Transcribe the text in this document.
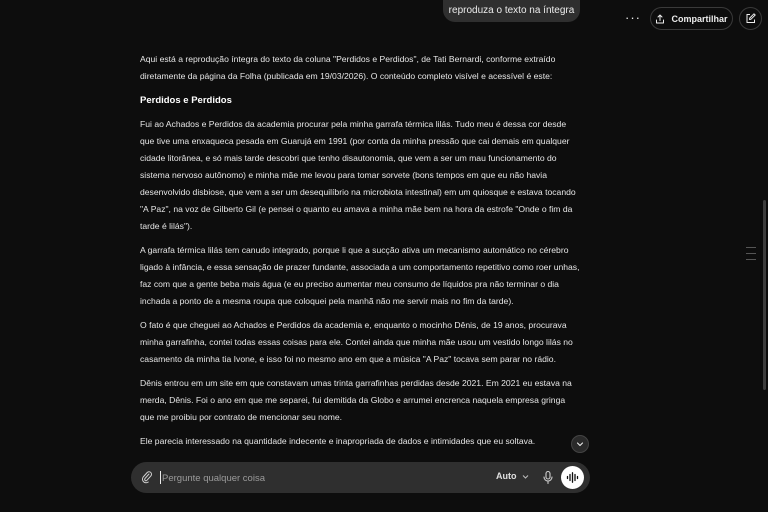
reproduza o texto na íntegra	···	Compartilhar

Aqui está a reprodução íntegra do texto da coluna "Perdidos e Perdidos", de Tati Bernardi, conforme extraído diretamente da página da Folha (publicada em 19/03/2026). O conteúdo completo visível e acessível é este:

Perdidos e Perdidos

Fui ao Achados e Perdidos da academia procurar pela minha garrafa térmica lilás. Tudo meu é dessa cor desde que tive uma enxaqueca pesada em Guarujá em 1991 (por conta da minha pressão que cai demais em qualquer cidade litorânea, e só mais tarde descobri que tenho disautonomia, que vem a ser um mau funcionamento do sistema nervoso autônomo) e minha mãe me levou para tomar sorvete (bons tempos em que eu não havia desenvolvido disbiose, que vem a ser um desequilíbrio na microbiota intestinal) em um quiosque e estava tocando "A Paz", na voz de Gilberto Gil (e pensei o quanto eu amava a minha mãe bem na hora da estrofe "Onde o fim da tarde é lilás").

A garrafa térmica lilás tem canudo integrado, porque li que a sucção ativa um mecanismo automático no cérebro ligado à infância, e essa sensação de prazer fundante, associada a um comportamento repetitivo como roer unhas, faz com que a gente beba mais água (e eu preciso aumentar meu consumo de líquidos pra não terminar o dia inchada a ponto de a mesma roupa que coloquei pela manhã não me servir mais no fim da tarde).

O fato é que cheguei ao Achados e Perdidos da academia e, enquanto o mocinho Dênis, de 19 anos, procurava minha garrafinha, contei todas essas coisas para ele. Contei ainda que minha mãe usou um vestido longo lilás no casamento da minha tia Ivone, e isso foi no mesmo ano em que a música "A Paz" tocava sem parar no rádio.

Dênis entrou em um site em que constavam umas trinta garrafinhas perdidas desde 2021. Em 2021 eu estava na merda, Dênis. Foi o ano em que me separei, fui demitida da Globo e arrumei encrenca naquela empresa gringa que me proibiu por contrato de mencionar seu nome.

Ele parecia interessado na quantidade indecente e inapropriada de dados e intimidades que eu soltava.

Pergunte qualquer coisa
Auto
